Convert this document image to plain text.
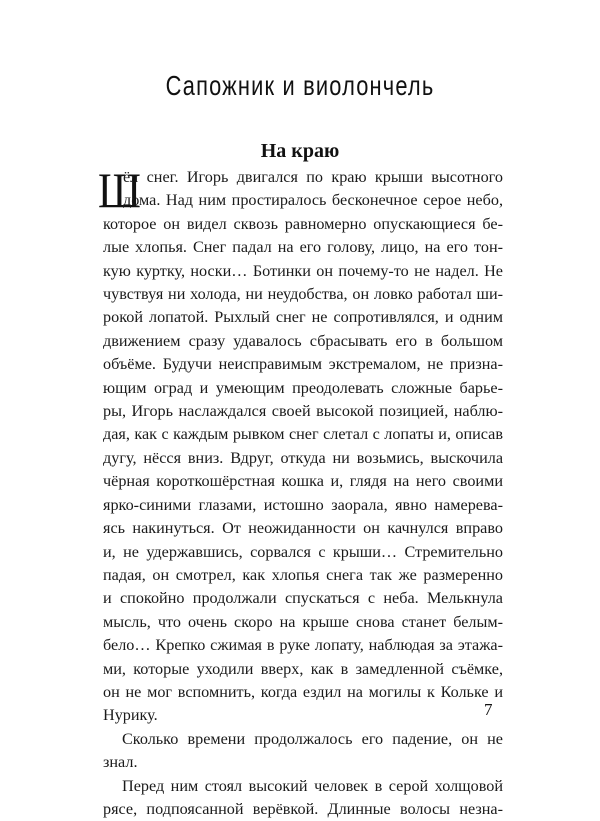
Сапожник и виолончель
На краю
Ш
ёл снег. Игорь двигался по краю крыши высотного
дома. Над ним простиралось бесконечное серое небо,
которое он видел сквозь равномерно опускающиеся бе-
лые хлопья. Снег падал на его голову, лицо, на его тон-
кую куртку, носки… Ботинки он почему-то не надел. Не
чувствуя ни холода, ни неудобства, он ловко работал ши-
рокой лопатой. Рыхлый снег не сопротивлялся, и одним
движением сразу удавалось сбрасывать его в большом
объёме. Будучи неисправимым экстремалом, не призна-
ющим оград и умеющим преодолевать сложные барье-
ры, Игорь наслаждался своей высокой позицией, наблю-
дая, как с каждым рывком снег слетал с лопаты и, описав
дугу, нёсся вниз. Вдруг, откуда ни возьмись, выскочила
чёрная короткошёрстная кошка и, глядя на него своими
ярко-синими глазами, истошно заорала, явно намерева-
ясь накинуться. От неожиданности он качнулся вправо
и, не удержавшись, сорвался с крыши… Стремительно
падая, он смотрел, как хлопья снега так же размеренно
и спокойно продолжали спускаться с неба. Мелькнула
мысль, что очень скоро на крыше снова станет белым-
бело… Крепко сжимая в руке лопату, наблюдая за этажа-
ми, которые уходили вверх, как в замедленной съёмке,
он не мог вспомнить, когда ездил на могилы к Кольке и
Нурику.
Сколько времени продолжалось его падение, он не
знал.
Перед ним стоял высокий человек в серой холщовой
рясе, подпоясанной верёвкой. Длинные волосы незна-
7
